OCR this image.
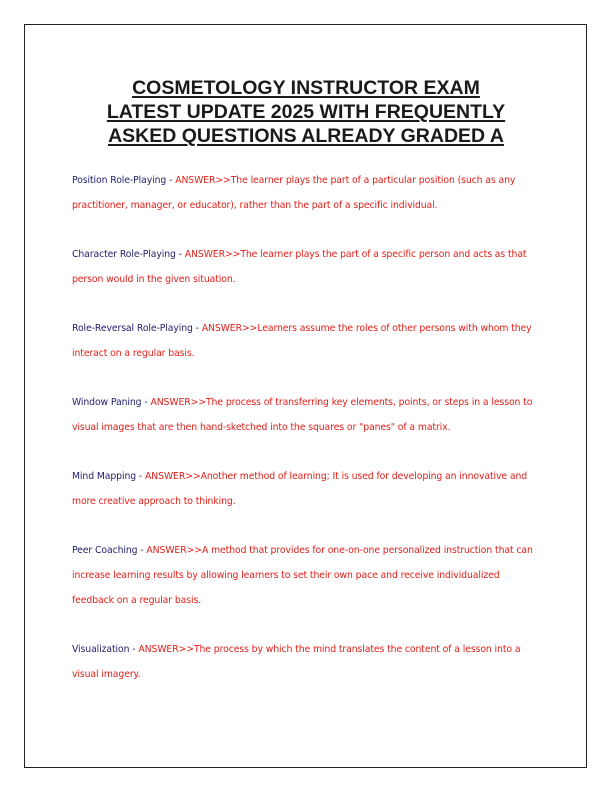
COSMETOLOGY INSTRUCTOR EXAM
LATEST UPDATE 2025 WITH FREQUENTLY
ASKED QUESTIONS ALREADY GRADED A

Position Role-Playing - ANSWER>>The learner plays the part of a particular position (such as any practitioner, manager, or educator), rather than the part of a specific individual.

Character Role-Playing - ANSWER>>The learner plays the part of a specific person and acts as that person would in the given situation.

Role-Reversal Role-Playing - ANSWER>>Learners assume the roles of other persons with whom they interact on a regular basis.

Window Paning - ANSWER>>The process of transferring key elements, points, or steps in a lesson to visual images that are then hand-sketched into the squares or "panes" of a matrix.

Mind Mapping - ANSWER>>Another method of learning; It is used for developing an innovative and more creative approach to thinking.

Peer Coaching - ANSWER>>A method that provides for one-on-one personalized instruction that can increase learning results by allowing learners to set their own pace and receive individualized feedback on a regular basis.

Visualization - ANSWER>>The process by which the mind translates the content of a lesson into a visual imagery.
